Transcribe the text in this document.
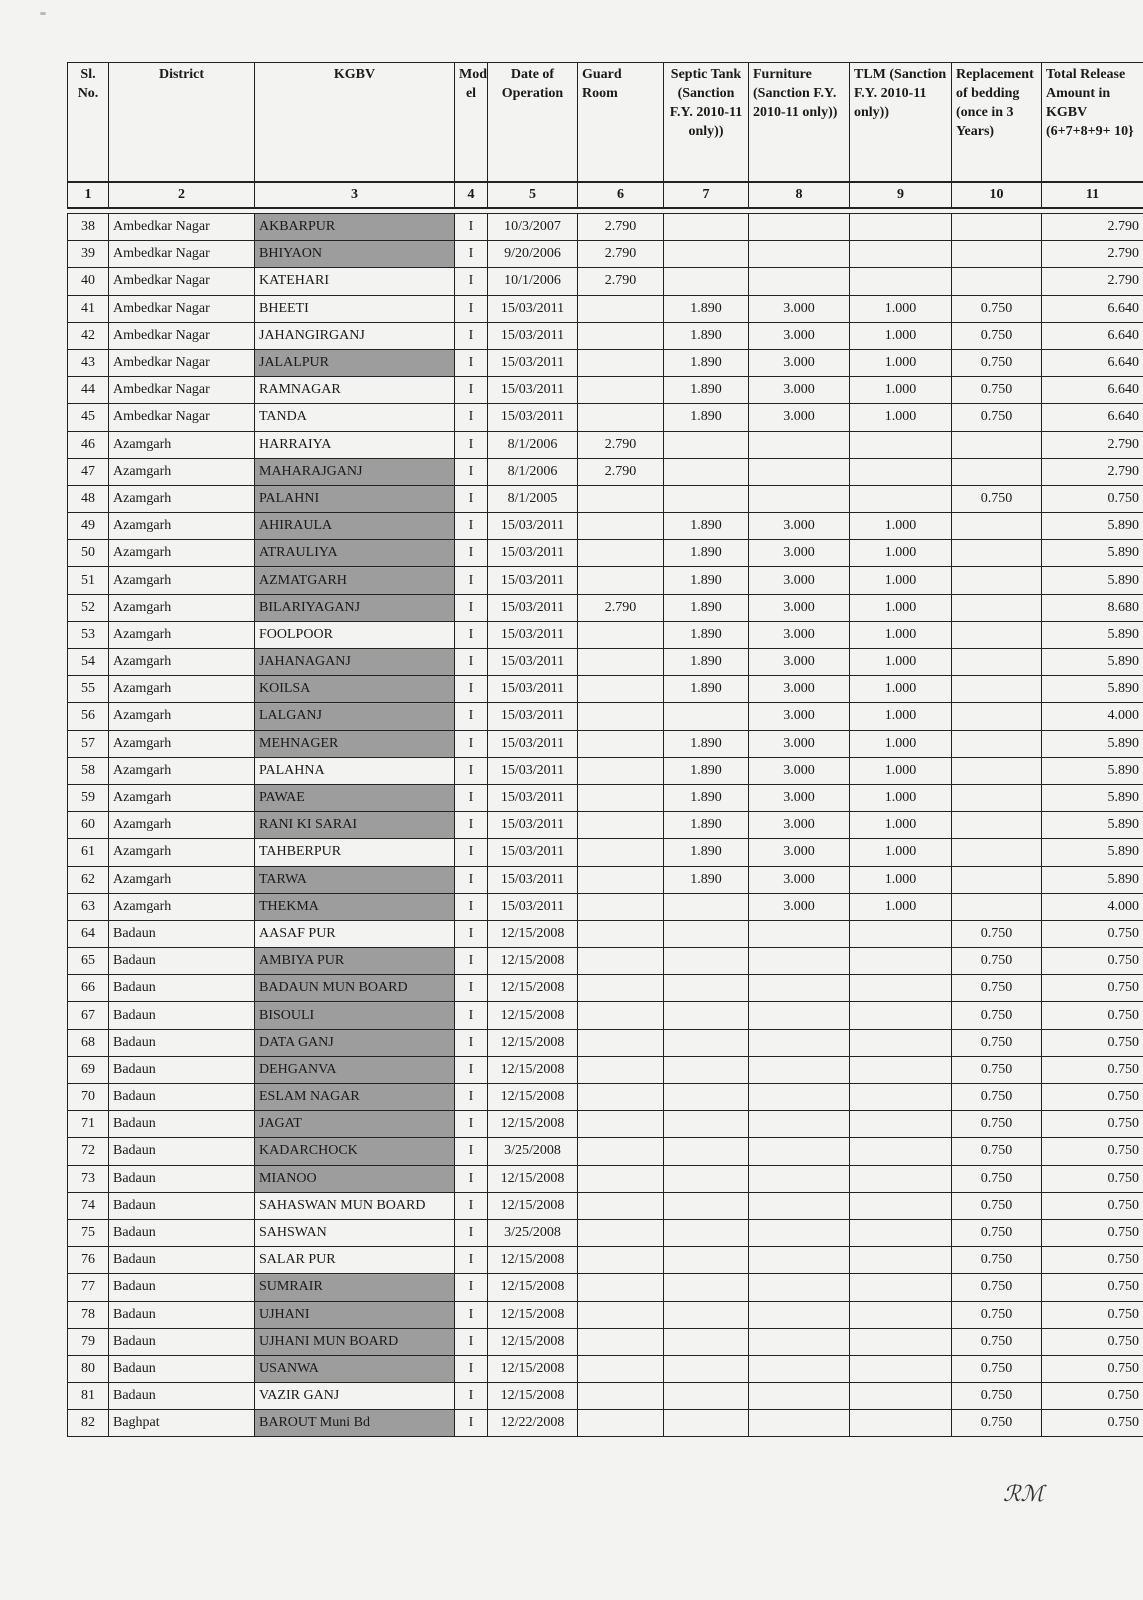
Sl. No.	District	KGBV	Mod el	Date of Operation	Guard Room	Septic Tank (Sanction F.Y. 2010-11 only))	Furniture (Sanction F.Y. 2010-11 only))	TLM (Sanction F.Y. 2010-11 only))	Replacement of bedding (once in 3 Years)	Total Release Amount in KGBV (6+7+8+9+ 10}
1	2	3	4	5	6	7	8	9	10	11

38	Ambedkar Nagar	AKBARPUR	I	10/3/2007	2.790					2.790
39	Ambedkar Nagar	BHIYAON	I	9/20/2006	2.790					2.790
40	Ambedkar Nagar	KATEHARI	I	10/1/2006	2.790					2.790
41	Ambedkar Nagar	BHEETI	I	15/03/2011		1.890	3.000	1.000	0.750	6.640
42	Ambedkar Nagar	JAHANGIRGANJ	I	15/03/2011		1.890	3.000	1.000	0.750	6.640
43	Ambedkar Nagar	JALALPUR	I	15/03/2011		1.890	3.000	1.000	0.750	6.640
44	Ambedkar Nagar	RAMNAGAR	I	15/03/2011		1.890	3.000	1.000	0.750	6.640
45	Ambedkar Nagar	TANDA	I	15/03/2011		1.890	3.000	1.000	0.750	6.640
46	Azamgarh	HARRAIYA	I	8/1/2006	2.790					2.790
47	Azamgarh	MAHARAJGANJ	I	8/1/2006	2.790					2.790
48	Azamgarh	PALAHNI	I	8/1/2005					0.750	0.750
49	Azamgarh	AHIRAULA	I	15/03/2011		1.890	3.000	1.000		5.890
50	Azamgarh	ATRAULIYA	I	15/03/2011		1.890	3.000	1.000		5.890
51	Azamgarh	AZMATGARH	I	15/03/2011		1.890	3.000	1.000		5.890
52	Azamgarh	BILARIYAGANJ	I	15/03/2011	2.790	1.890	3.000	1.000		8.680
53	Azamgarh	FOOLPOOR	I	15/03/2011		1.890	3.000	1.000		5.890
54	Azamgarh	JAHANAGANJ	I	15/03/2011		1.890	3.000	1.000		5.890
55	Azamgarh	KOILSA	I	15/03/2011		1.890	3.000	1.000		5.890
56	Azamgarh	LALGANJ	I	15/03/2011			3.000	1.000		4.000
57	Azamgarh	MEHNAGER	I	15/03/2011		1.890	3.000	1.000		5.890
58	Azamgarh	PALAHNA	I	15/03/2011		1.890	3.000	1.000		5.890
59	Azamgarh	PAWAE	I	15/03/2011		1.890	3.000	1.000		5.890
60	Azamgarh	RANI KI SARAI	I	15/03/2011		1.890	3.000	1.000		5.890
61	Azamgarh	TAHBERPUR	I	15/03/2011		1.890	3.000	1.000		5.890
62	Azamgarh	TARWA	I	15/03/2011		1.890	3.000	1.000		5.890
63	Azamgarh	THEKMA	I	15/03/2011			3.000	1.000		4.000
64	Badaun	AASAF PUR	I	12/15/2008					0.750	0.750
65	Badaun	AMBIYA PUR	I	12/15/2008					0.750	0.750
66	Badaun	BADAUN MUN BOARD	I	12/15/2008					0.750	0.750
67	Badaun	BISOULI	I	12/15/2008					0.750	0.750
68	Badaun	DATA GANJ	I	12/15/2008					0.750	0.750
69	Badaun	DEHGANVA	I	12/15/2008					0.750	0.750
70	Badaun	ESLAM NAGAR	I	12/15/2008					0.750	0.750
71	Badaun	JAGAT	I	12/15/2008					0.750	0.750
72	Badaun	KADARCHOCK	I	3/25/2008					0.750	0.750
73	Badaun	MIANOO	I	12/15/2008					0.750	0.750
74	Badaun	SAHASWAN MUN BOARD	I	12/15/2008					0.750	0.750
75	Badaun	SAHSWAN	I	3/25/2008					0.750	0.750
76	Badaun	SALAR PUR	I	12/15/2008					0.750	0.750
77	Badaun	SUMRAIR	I	12/15/2008					0.750	0.750
78	Badaun	UJHANI	I	12/15/2008					0.750	0.750
79	Badaun	UJHANI MUN BOARD	I	12/15/2008					0.750	0.750
80	Badaun	USANWA	I	12/15/2008					0.750	0.750
81	Badaun	VAZIR GANJ	I	12/15/2008					0.750	0.750
82	Baghpat	BAROUT Muni Bd	I	12/22/2008					0.750	0.750
ℛℳ
